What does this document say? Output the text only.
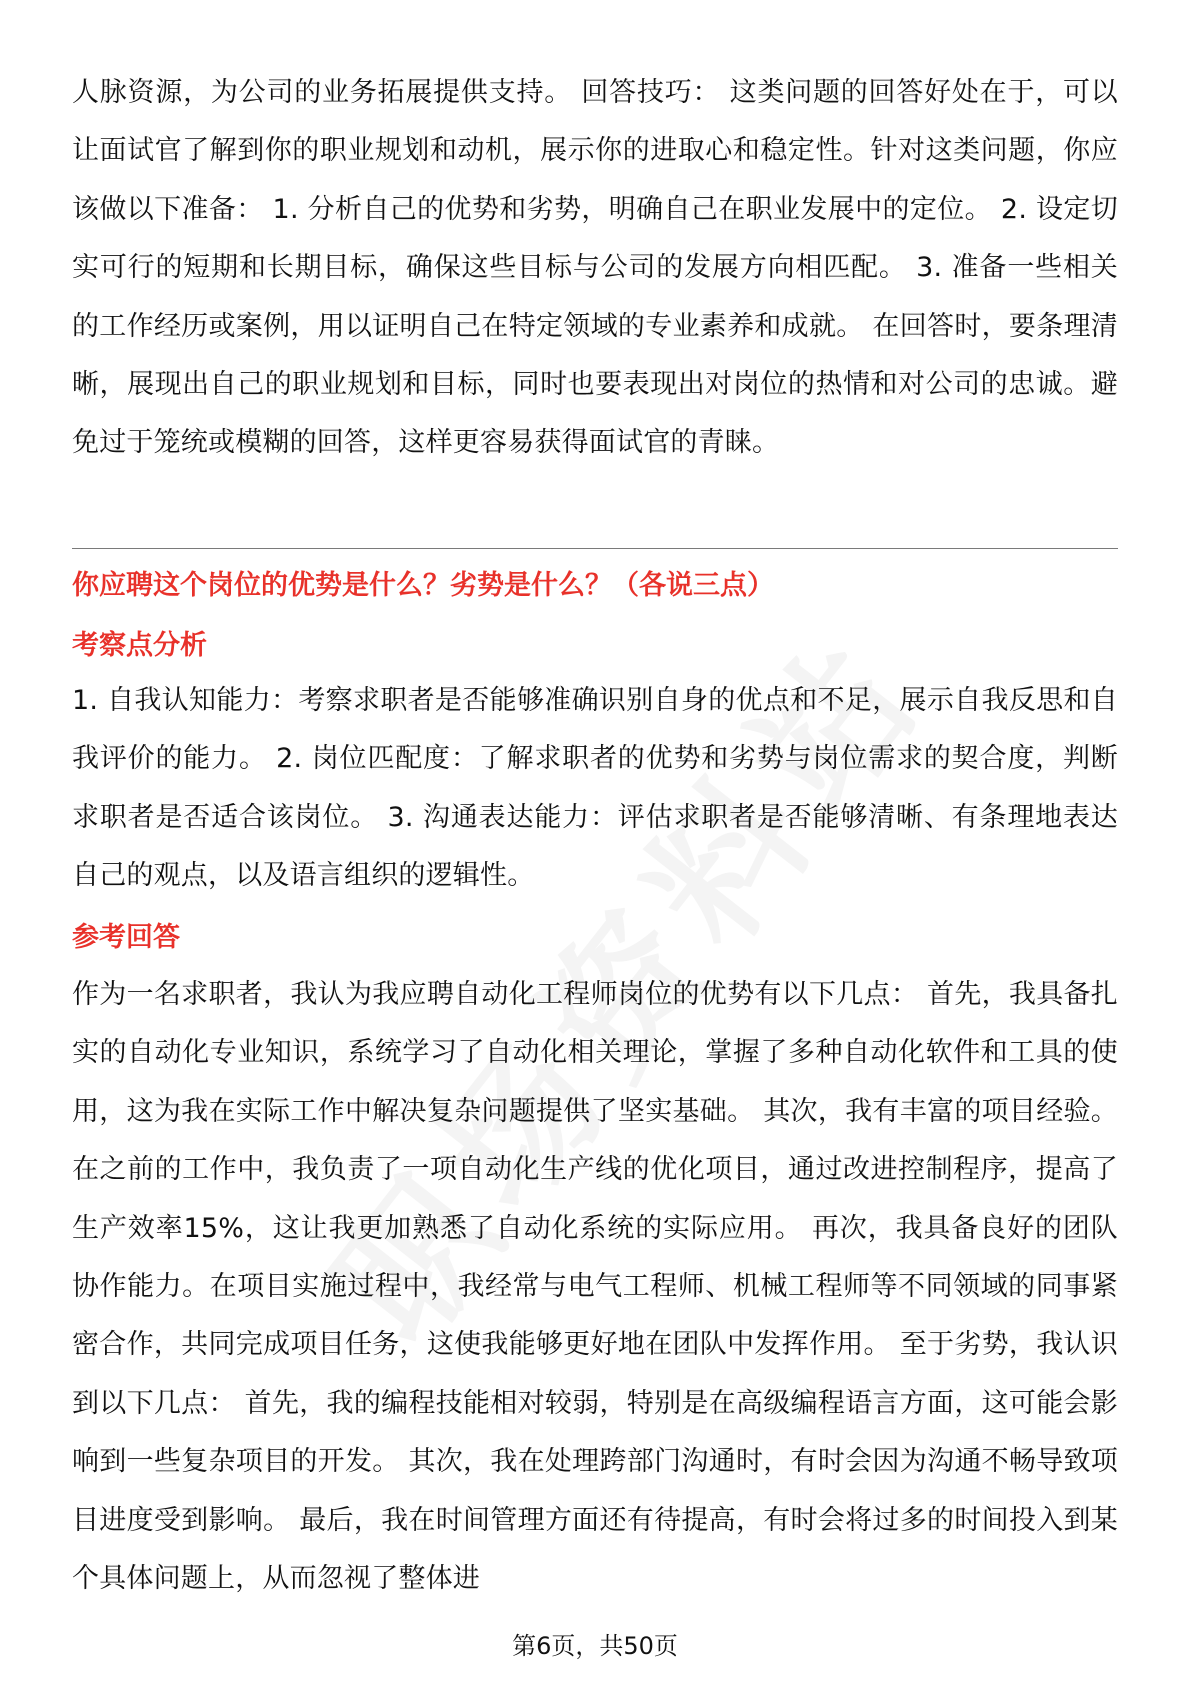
人脉资源，为公司的业务拓展提供支持。 回答技巧： 这类问题的回答好处在于，可以让面试官了解到你的职业规划和动机，展示你的进取心和稳定性。针对这类问题，你应该做以下准备： 1. 分析自己的优势和劣势，明确自己在职业发展中的定位。 2. 设定切实可行的短期和长期目标，确保这些目标与公司的发展方向相匹配。 3. 准备一些相关的工作经历或案例，用以证明自己在特定领域的专业素养和成就。 在回答时，要条理清晰，展现出自己的职业规划和目标，同时也要表现出对岗位的热情和对公司的忠诚。避免过于笼统或模糊的回答，这样更容易获得面试官的青睐。

你应聘这个岗位的优势是什么？劣势是什么？（各说三点）
考察点分析

1. 自我认知能力：考察求职者是否能够准确识别自身的优点和不足，展示自我反思和自我评价的能力。 2. 岗位匹配度：了解求职者的优势和劣势与岗位需求的契合度，判断求职者是否适合该岗位。 3. 沟通表达能力：评估求职者是否能够清晰、有条理地表达自己的观点，以及语言组织的逻辑性。

参考回答

作为一名求职者，我认为我应聘自动化工程师岗位的优势有以下几点： 首先，我具备扎实的自动化专业知识，系统学习了自动化相关理论，掌握了多种自动化软件和工具的使用，这为我在实际工作中解决复杂问题提供了坚实基础。 其次，我有丰富的项目经验。在之前的工作中，我负责了一项自动化生产线的优化项目，通过改进控制程序，提高了生产效率15%，这让我更加熟悉了自动化系统的实际应用。 再次，我具备良好的团队协作能力。在项目实施过程中，我经常与电气工程师、机械工程师等不同领域的同事紧密合作，共同完成项目任务，这使我能够更好地在团队中发挥作用。 至于劣势，我认识到以下几点： 首先，我的编程技能相对较弱，特别是在高级编程语言方面，这可能会影响到一些复杂项目的开发。 其次，我在处理跨部门沟通时，有时会因为沟通不畅导致项目进度受到影响。 最后，我在时间管理方面还有待提高，有时会将过多的时间投入到某个具体问题上，从而忽视了整体进

第6页，共50页
